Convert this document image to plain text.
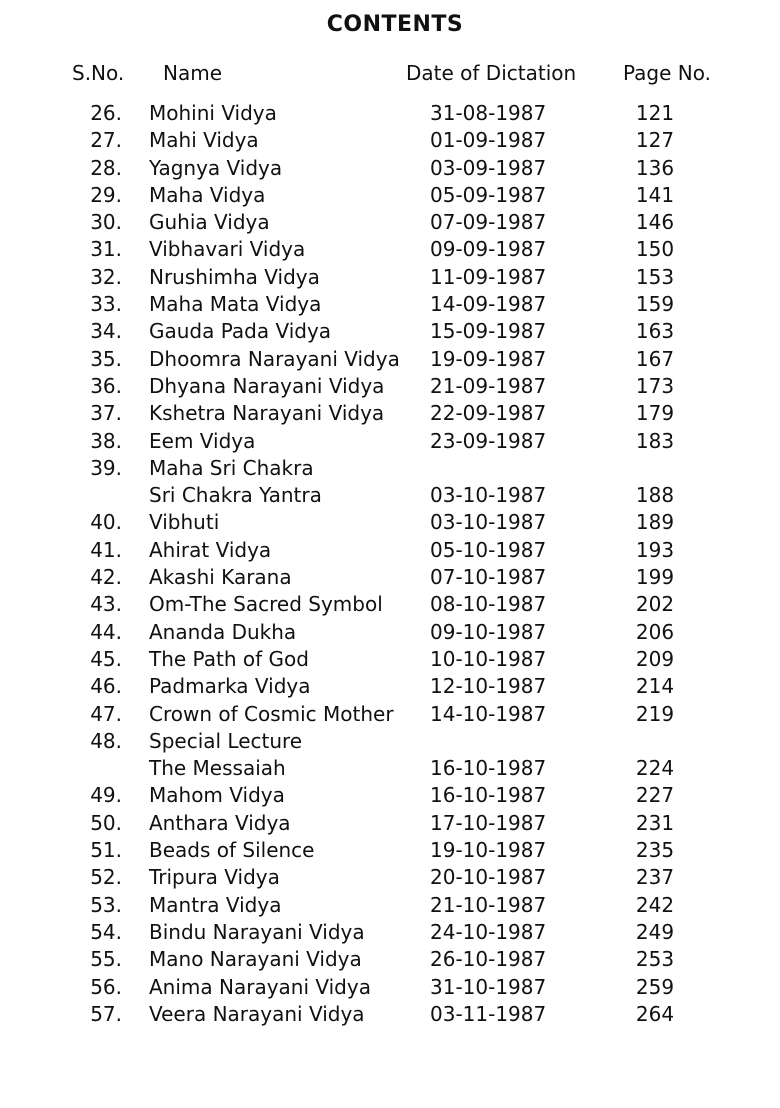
CONTENTS
S.No. Name	Date of Dictation Page No.
26. Mohini Vidya	31-08-1987	121
27. Mahi Vidya	01-09-1987	127
28. Yagnya Vidya	03-09-1987	136
29. Maha Vidya	05-09-1987	141
30. Guhia Vidya	07-09-1987	146
31. Vibhavari Vidya	09-09-1987	150
32. Nrushimha Vidya	11-09-1987	153
33. Maha Mata Vidya	14-09-1987	159
34. Gauda Pada Vidya	15-09-1987	163
35. Dhoomra Narayani Vidya 19-09-1987	167
36. Dhyana Narayani Vidya 21-09-1987	173
37. Kshetra Narayani Vidya 22-09-1987	179
38. Eem Vidya	23-09-1987	183
39. Maha Sri Chakra
Sri Chakra Yantra	03-10-1987	188
40. Vibhuti	03-10-1987	189
41. Ahirat Vidya	05-10-1987	193
42. Akashi Karana	07-10-1987	199
43. Om-The Sacred Symbol 08-10-1987	202
44. Ananda Dukha	09-10-1987	206
45. The Path of God	10-10-1987	209
46. Padmarka Vidya	12-10-1987	214
47. Crown of Cosmic Mother 14-10-1987	219
48. Special Lecture
The Messaiah	16-10-1987	224
49. Mahom Vidya	16-10-1987	227
50. Anthara Vidya	17-10-1987	231
51. Beads of Silence	19-10-1987	235
52. Tripura Vidya	20-10-1987	237
53. Mantra Vidya	21-10-1987	242
54. Bindu Narayani Vidya	24-10-1987	249
55. Mano Narayani Vidya	26-10-1987	253
56. Anima Narayani Vidya	31-10-1987	259
57. Veera Narayani Vidya	03-11-1987	264
